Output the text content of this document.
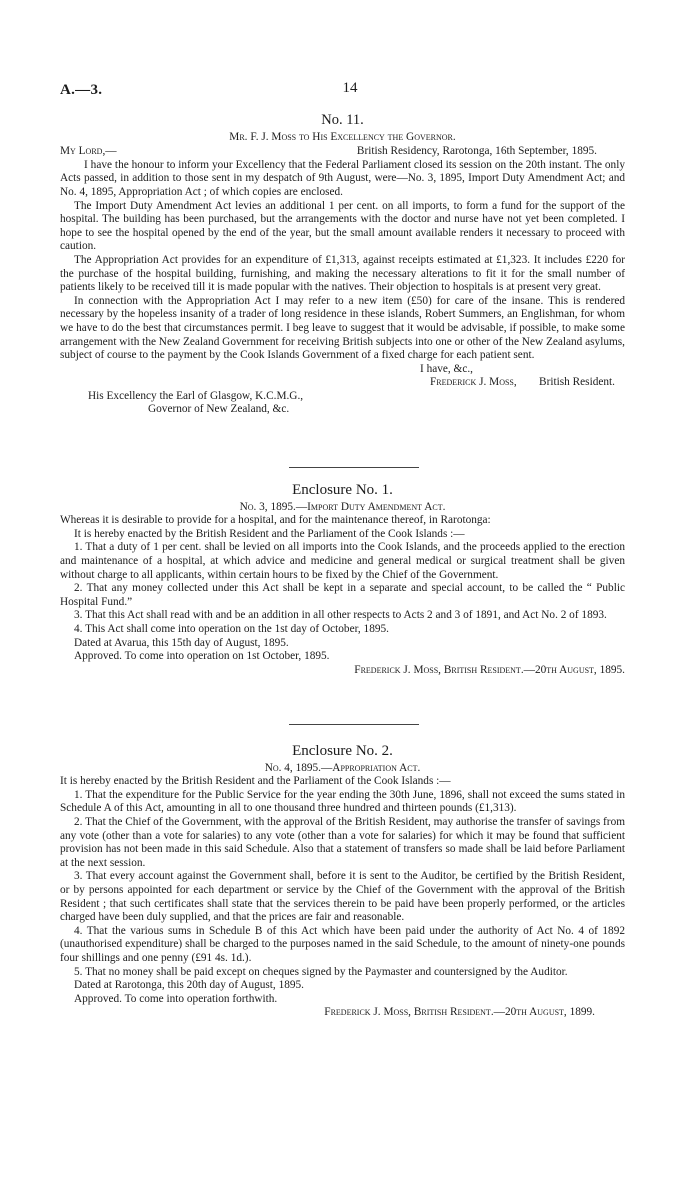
A.—3.	14
No. 11.
Mr. F. J. Moss to His Excellency the Governor.
My Lord,—	British Residency, Rarotonga, 16th September, 1895.

I have the honour to inform your Excellency that the Federal Parliament closed its session on the 20th instant. The only Acts passed, in addition to those sent in my despatch of 9th August, were—No. 3, 1895, Import Duty Amendment Act; and No. 4, 1895, Appropriation Act ; of which copies are enclosed.

The Import Duty Amendment Act levies an additional 1 per cent. on all imports, to form a fund for the support of the hospital. The building has been purchased, but the arrangements with the doctor and nurse have not yet been completed. I hope to see the hospital opened by the end of the year, but the small amount available renders it necessary to proceed with caution.

The Appropriation Act provides for an expenditure of £1,313, against receipts estimated at £1,323. It includes £220 for the purchase of the hospital building, furnishing, and making the necessary alterations to fit it for the small number of patients likely to be received till it is made popular with the natives. Their objection to hospitals is at present very great.

In connection with the Appropriation Act I may refer to a new item (£50) for care of the insane. This is rendered necessary by the hopeless insanity of a trader of long residence in these islands, Robert Summers, an Englishman, for whom we have to do the best that circumstances permit. I beg leave to suggest that it would be advisable, if possible, to make some arrangement with the New Zealand Government for receiving British subjects into one or other of the New Zealand asylums, subject of course to the payment by the Cook Islands Government of a fixed charge for each patient sent.

I have, &c.,
Frederick J. Moss, British Resident.
His Excellency the Earl of Glasgow, K.C.M.G.,
Governor of New Zealand, &c.
Enclosure No. 1.
No. 3, 1895.—Import Duty Amendment Act.

Whereas it is desirable to provide for a hospital, and for the maintenance thereof, in Rarotonga:

It is hereby enacted by the British Resident and the Parliament of the Cook Islands :—

1. That a duty of 1 per cent. shall be levied on all imports into the Cook Islands, and the proceeds applied to the erection and maintenance of a hospital, at which advice and medicine and general medical or surgical treatment shall be given without charge to all applicants, within certain hours to be fixed by the Chief of the Government.

2. That any money collected under this Act shall be kept in a separate and special account, to be called the “ Public Hospital Fund.”

3. That this Act shall read with and be an addition in all other respects to Acts 2 and 3 of 1891, and Act No. 2 of 1893.

4. This Act shall come into operation on the 1st day of October, 1895.

Dated at Avarua, this 15th day of August, 1895.

Approved. To come into operation on 1st October, 1895.

Frederick J. Moss, British Resident.—20th August, 1895.
Enclosure No. 2.
No. 4, 1895.—Appropriation Act.

It is hereby enacted by the British Resident and the Parliament of the Cook Islands :—

1. That the expenditure for the Public Service for the year ending the 30th June, 1896, shall not exceed the sums stated in Schedule A of this Act, amounting in all to one thousand three hundred and thirteen pounds (£1,313).

2. That the Chief of the Government, with the approval of the British Resident, may authorise the transfer of savings from any vote (other than a vote for salaries) to any vote (other than a vote for salaries) for which it may be found that sufficient provision has not been made in this said Schedule. Also that a statement of transfers so made shall be laid before Parliament at the next session.

3. That every account against the Government shall, before it is sent to the Auditor, be certified by the British Resident, or by persons appointed for each department or service by the Chief of the Government with the approval of the British Resident ; that such certificates shall state that the services therein to be paid have been properly performed, or the articles charged have been duly supplied, and that the prices are fair and reasonable.

4. That the various sums in Schedule B of this Act which have been paid under the authority of Act No. 4 of 1892 (unauthorised expenditure) shall be charged to the purposes named in the said Schedule, to the amount of ninety-one pounds four shillings and one penny (£91 4s. 1d.).

5. That no money shall be paid except on cheques signed by the Paymaster and countersigned by the Auditor.

Dated at Rarotonga, this 20th day of August, 1895.

Approved. To come into operation forthwith.

Frederick J. Moss, British Resident.—20th August, 1899.
